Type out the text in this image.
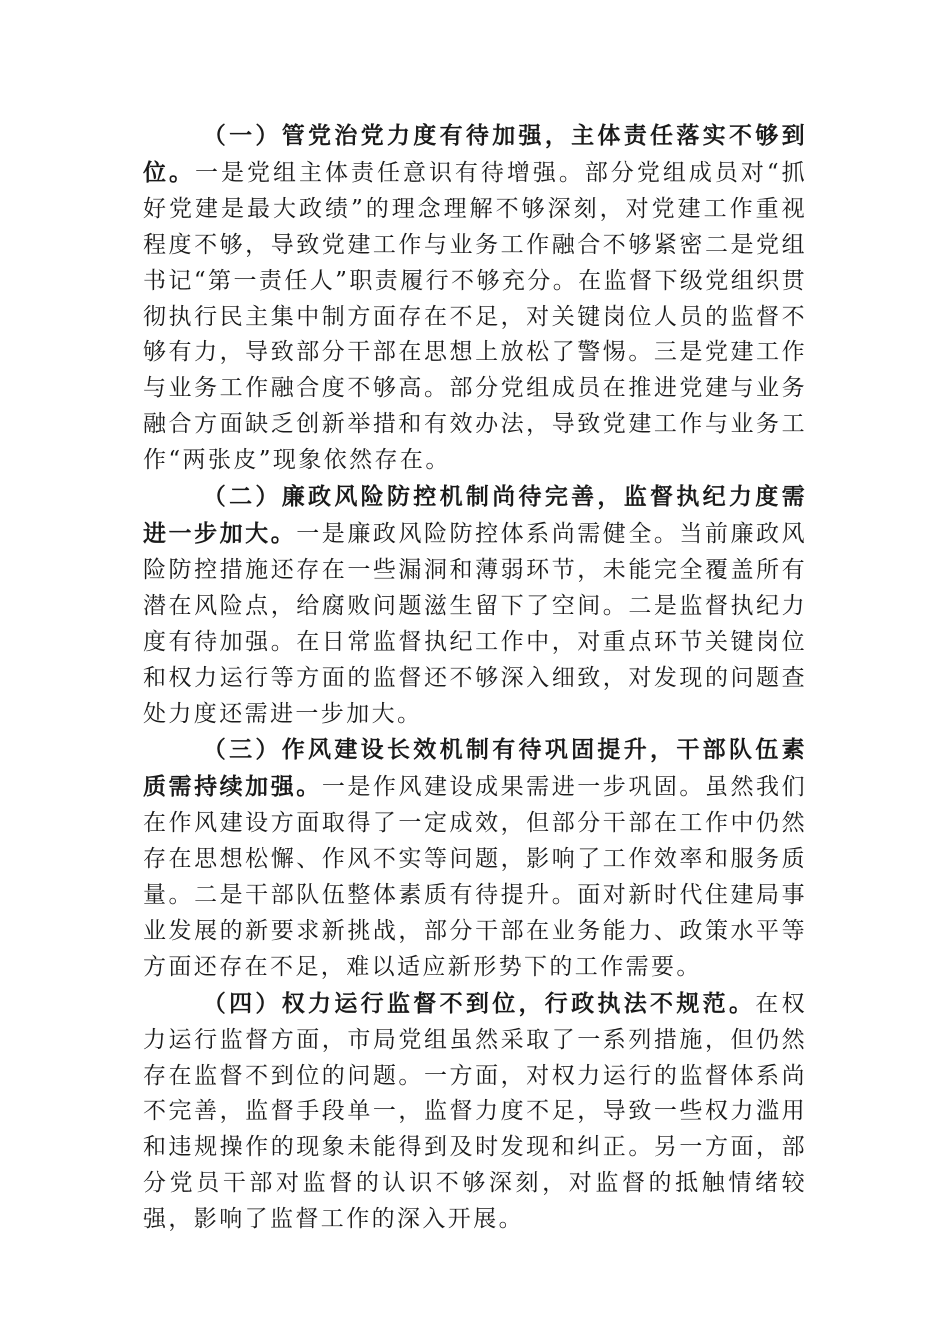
（一）管党治党力度有待加强，主体责任落实不够到位。一是党组主体责任意识有待增强。部分党组成员对“抓好党建是最大政绩”的理念理解不够深刻，对党建工作重视程度不够，导致党建工作与业务工作融合不够紧密二是党组书记“第一责任人”职责履行不够充分。在监督下级党组织贯彻执行民主集中制方面存在不足，对关键岗位人员的监督不够有力，导致部分干部在思想上放松了警惕。三是党建工作与业务工作融合度不够高。部分党组成员在推进党建与业务融合方面缺乏创新举措和有效办法，导致党建工作与业务工作“两张皮”现象依然存在。

（二）廉政风险防控机制尚待完善，监督执纪力度需进一步加大。一是廉政风险防控体系尚需健全。当前廉政风险防控措施还存在一些漏洞和薄弱环节，未能完全覆盖所有潜在风险点，给腐败问题滋生留下了空间。二是监督执纪力度有待加强。在日常监督执纪工作中，对重点环节关键岗位和权力运行等方面的监督还不够深入细致，对发现的问题查处力度还需进一步加大。

（三）作风建设长效机制有待巩固提升，干部队伍素质需持续加强。一是作风建设成果需进一步巩固。虽然我们在作风建设方面取得了一定成效，但部分干部在工作中仍然存在思想松懈、作风不实等问题，影响了工作效率和服务质量。二是干部队伍整体素质有待提升。面对新时代住建局事业发展的新要求新挑战，部分干部在业务能力、政策水平等方面还存在不足，难以适应新形势下的工作需要。

（四）权力运行监督不到位，行政执法不规范。在权力运行监督方面，市局党组虽然采取了一系列措施，但仍然存在监督不到位的问题。一方面，对权力运行的监督体系尚不完善，监督手段单一，监督力度不足，导致一些权力滥用和违规操作的现象未能得到及时发现和纠正。另一方面，部分党员干部对监督的认识不够深刻，对监督的抵触情绪较强，影响了监督工作的深入开展。
